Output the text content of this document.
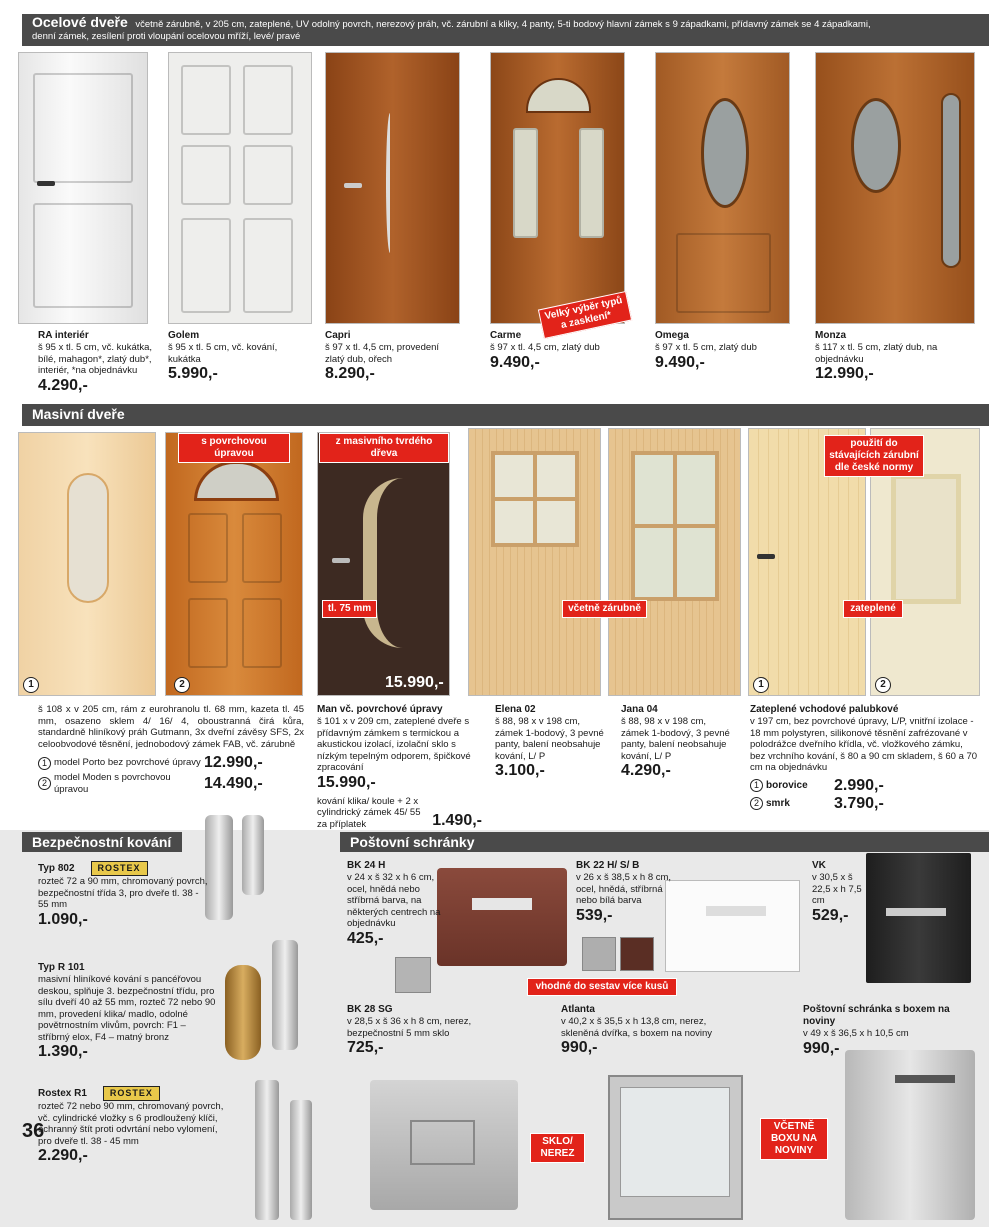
Ocelové dveře včetně zárubně, v 205 cm, zateplené, UV odolný povrch, nerezový práh, vč. zárubní a kliky, 4 panty, 5-ti bodový hlavní zámek s 9 západkami, přídavný zámek se 4 západkami,
denní zámek, zesílení proti vloupání ocelovou mříží, levé/ pravé
Velký výběr typů a zasklení*
RA interiér
š 95 x tl. 5 cm, vč. kukátka, bílé, mahagon*, zlatý dub*, interiér, *na objednávku
4.290,-
Golem
š 95 x tl. 5 cm, vč. kování, kukátka
5.990,-
Capri
š 97 x tl. 4,5 cm, provedení zlatý dub, ořech
8.290,-
Carme
š 97 x tl. 4,5 cm, zlatý dub
9.490,-
Omega
š 97 x tl. 5 cm, zlatý dub
9.490,-
Monza
š 117 x tl. 5 cm, zlatý dub, na objednávku
12.990,-
Masivní dveře
1	2
s povrchovou úpravou
z masivního tvrdého dřeva
tl. 75 mm
15.990,-
včetně zárubně
1	2
použití do stávajících zárubní dle české normy
zateplené
š 108 x v 205 cm, rám z eurohranolu tl. 68 mm, kazeta tl. 45 mm, osazeno sklem 4/ 16/ 4, oboustranná čirá kůra, standardně hliníkový práh Gutmann, 3x dveřní závěsy SFS, 2x celoobvodové těsnění, jednobodový zámek FAB, vč. zárubně
1 model Porto bez povrchové úpravy 12.990,-
2 model Moden s povrchovou úpravou	14.490,-
Man vč. povrchové úpravy
š 101 x v 209 cm, zateplené dveře s přídavným zámkem s termickou a akustickou izolací, izolační sklo s nízkým tepelným odporem, špičkové zpracování
15.990,-
kování klika/ koule + 2 x cylindrický zámek 45/ 55 za příplatek	1.490,-
Elena 02
š 88, 98 x v 198 cm, zámek 1-bodový, 3 pevné panty, balení neobsahuje kování, L/ P
3.100,-
Jana 04
š 88, 98 x v 198 cm, zámek 1-bodový, 3 pevné panty, balení neobsahuje kování, L/ P
4.290,-
Zateplené vchodové palubkové
v 197 cm, bez povrchové úpravy, L/P, vnitřní izolace - 18 mm polystyren, silikonové těsnění zafrézované v polodrážce dveřního křídla, vč. vložkového zámku, bez vrchního kování, š 80 a 90 cm skladem, š 60 a 70 cm na objednávku
1 borovice	2.990,-
2 smrk	3.790,-
Bezpečnostní kování	Poštovní schránky
Typ 802	ROSTEX
rozteč 72 a 90 mm, chromovaný povrch, bezpečnostní třída 3, pro dveře tl. 38 - 55 mm
1.090,-
Typ R 101
masivní hliníkové kování s pancéřovou deskou, splňuje 3. bezpečnostní třídu, pro sílu dveří 40 až 55 mm, rozteč 72 nebo 90 mm, provedení klika/ madlo, odolné povětrnostním vlivům, povrch: F1 – stříbrný elox, F4 – matný bronz
1.390,-
Rostex R1	ROSTEX
rozteč 72 nebo 90 mm, chromovaný povrch, vč. cylindrické vložky s 6 prodloužený klíči, ochranný štít proti odvrtání nebo vylomení, pro dveře tl. 38 - 45 mm
2.290,-
36
vhodné do sestav více kusů
SKLO/ NEREZ
VČETNĚ BOXU NA NOVINY
BK 24 H
v 24 x š 32 x h 6 cm, ocel, hnědá nebo stříbrná barva, na některých centrech na objednávku
425,-
BK 22 H/ S/ B
v 26 x š 38,5 x h 8 cm, ocel, hnědá, stříbrná nebo bílá barva
539,-
VK
v 30,5 x š 22,5 x h 7,5 cm
529,-
BK 28 SG
v 28,5 x š 36 x h 8 cm, nerez, bezpečnostní 5 mm sklo
725,-
Atlanta
v 40,2 x š 35,5 x h 13,8 cm, nerez, skleněná dvířka, s boxem na noviny
990,-
Poštovní schránka s boxem na noviny
v 49 x š 36,5 x h 10,5 cm
990,-
